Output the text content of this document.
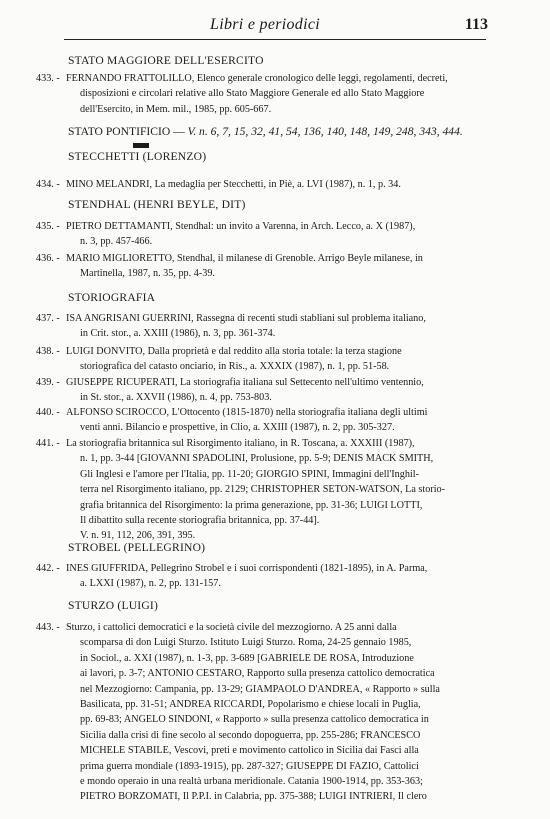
Libri e periodici	113
STATO MAGGIORE DELL'ESERCITO
433. - FERNANDO FRATTOLILLO, Elenco generale cronologico delle leggi, regolamenti, decreti,
disposizioni e circolari relative allo Stato Maggiore Generale ed allo Stato Maggiore
dell'Esercito, in Mem. mil., 1985, pp. 605-667.
STATO PONTIFICIO — V. n. 6, 7, 15, 32, 41, 54, 136, 140, 148, 149, 248, 343, 444.
STECCHETTI (LORENZO)
434. - MINO MELANDRI, La medaglia per Stecchetti, in Piè, a. LVI (1987), n. 1, p. 34.
STENDHAL (HENRI BEYLE, DIT)
435. - PIETRO DETTAMANTI, Stendhal: un invito a Varenna, in Arch. Lecco, a. X (1987),
n. 3, pp. 457-466.
436. - MARIO MIGLIORETTO, Stendhal, il milanese di Grenoble. Arrigo Beyle milanese, in
Martinella, 1987, n. 35, pp. 4-39.
STORIOGRAFIA
437. - ISA ANGRISANI GUERRINI, Rassegna di recenti studi stabliani sul problema italiano,
in Crit. stor., a. XXIII (1986), n. 3, pp. 361-374.
438. - LUIGI DONVITO, Dalla proprietà e dal reddito alla storia totale: la terza stagione
storiografica del catasto onciario, in Ris., a. XXXIX (1987), n. 1, pp. 51-58.
439. - GIUSEPPE RICUPERATI, La storiografia italiana sul Settecento nell'ultimo ventennio,
in St. stor., a. XXVII (1986), n. 4, pp. 753-803.
440. - ALFONSO SCIROCCO, L'Ottocento (1815-1870) nella storiografia italiana degli ultimi
venti anni. Bilancio e prospettive, in Clio, a. XXIII (1987), n. 2, pp. 305-327.
441. - La storiografia britannica sul Risorgimento italiano, in R. Toscana, a. XXXIII (1987),
n. 1, pp. 3-44 [GIOVANNI SPADOLINI, Prolusione, pp. 5-9; DENIS MACK SMITH,
Gli Inglesi e l'amore per l'Italia, pp. 11-20; GIORGIO SPINI, Immagini dell'Inghil-
terra nel Risorgimento italiano, pp. 2129; CHRISTOPHER SETON-WATSON, La storio-
grafia britannica del Risorgimento: la prima generazione, pp. 31-36; LUIGI LOTTI,
Il dibattito sulla recente storiografia britannica, pp. 37-44].
V. n. 91, 112, 206, 391, 395.
STROBEL (PELLEGRINO)
442. - INES GIUFFRIDA, Pellegrino Strobel e i suoi corrispondenti (1821-1895), in A. Parma,
a. LXXI (1987), n. 2, pp. 131-157.
STURZO (LUIGI)
443. - Sturzo, i cattolici democratici e la società civile del mezzogiorno. A 25 anni dalla
scomparsa di don Luigi Sturzo. Istituto Luigi Sturzo. Roma, 24-25 gennaio 1985,
in Sociol., a. XXI (1987), n. 1-3, pp. 3-689 [GABRIELE DE ROSA, Introduzione
ai lavori, p. 3-7; ANTONIO CESTARO, Rapporto sulla presenza cattolico democratica
nel Mezzogiorno: Campania, pp. 13-29; GIAMPAOLO D'ANDREA, « Rapporto » sulla
Basilicata, pp. 31-51; ANDREA RICCARDI, Popolarismo e chiese locali in Puglia,
pp. 69-83; ANGELO SINDONI, « Rapporto » sulla presenza cattolico democratica in
Sicilia dalla crisi di fine secolo al secondo dopoguerra, pp. 255-286; FRANCESCO
MICHELE STABILE, Vescovi, preti e movimento cattolico in Sicilia dai Fasci alla
prima guerra mondiale (1893-1915), pp. 287-327; GIUSEPPE DI FAZIO, Cattolici
e mondo operaio in una realtà urbana meridionale. Catania 1900-1914, pp. 353-363;
PIETRO BORZOMATI, Il P.P.I. in Calabria, pp. 375-388; LUIGI INTRIERI, Il clero
